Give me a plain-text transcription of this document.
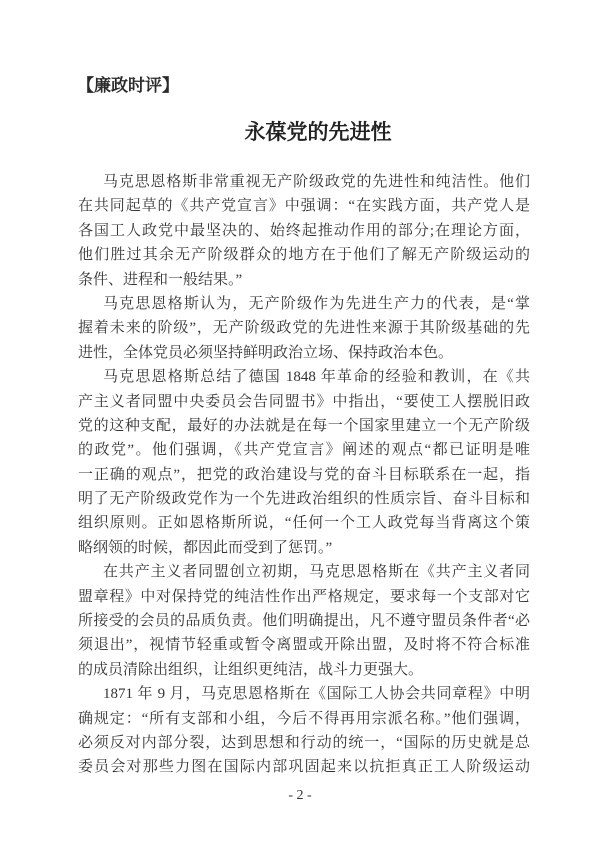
【廉政时评】
永葆党的先进性
马克思恩格斯非常重视无产阶级政党的先进性和纯洁性。他们
在共同起草的《共产党宣言》中强调：“在实践方面，共产党人是
各国工人政党中最坚决的、始终起推动作用的部分;在理论方面，
他们胜过其余无产阶级群众的地方在于他们了解无产阶级运动的
条件、进程和一般结果。”
马克思恩格斯认为，无产阶级作为先进生产力的代表，是“掌
握着未来的阶级”，无产阶级政党的先进性来源于其阶级基础的先
进性，全体党员必须坚持鲜明政治立场、保持政治本色。
马克思恩格斯总结了德国 1848 年革命的经验和教训，在《共
产主义者同盟中央委员会告同盟书》中指出，“要使工人摆脱旧政
党的这种支配，最好的办法就是在每一个国家里建立一个无产阶级
的政党”。他们强调，《共产党宣言》阐述的观点“都已证明是唯
一正确的观点”，把党的政治建设与党的奋斗目标联系在一起，指
明了无产阶级政党作为一个先进政治组织的性质宗旨、奋斗目标和
组织原则。正如恩格斯所说，“任何一个工人政党每当背离这个策
略纲领的时候，都因此而受到了惩罚。”
在共产主义者同盟创立初期，马克思恩格斯在《共产主义者同
盟章程》中对保持党的纯洁性作出严格规定，要求每一个支部对它
所接受的会员的品质负责。他们明确提出，凡不遵守盟员条件者“必
须退出”，视情节轻重或暂令离盟或开除出盟，及时将不符合标准
的成员清除出组织，让组织更纯洁，战斗力更强大。
1871 年 9 月，马克思恩格斯在《国际工人协会共同章程》中明
确规定：“所有支部和小组，今后不得再用宗派名称。”他们强调，
必须反对内部分裂，达到思想和行动的统一，“国际的历史就是总
委员会对那些力图在国际内部巩固起来以抗拒真正工人阶级运动
- 2 -
